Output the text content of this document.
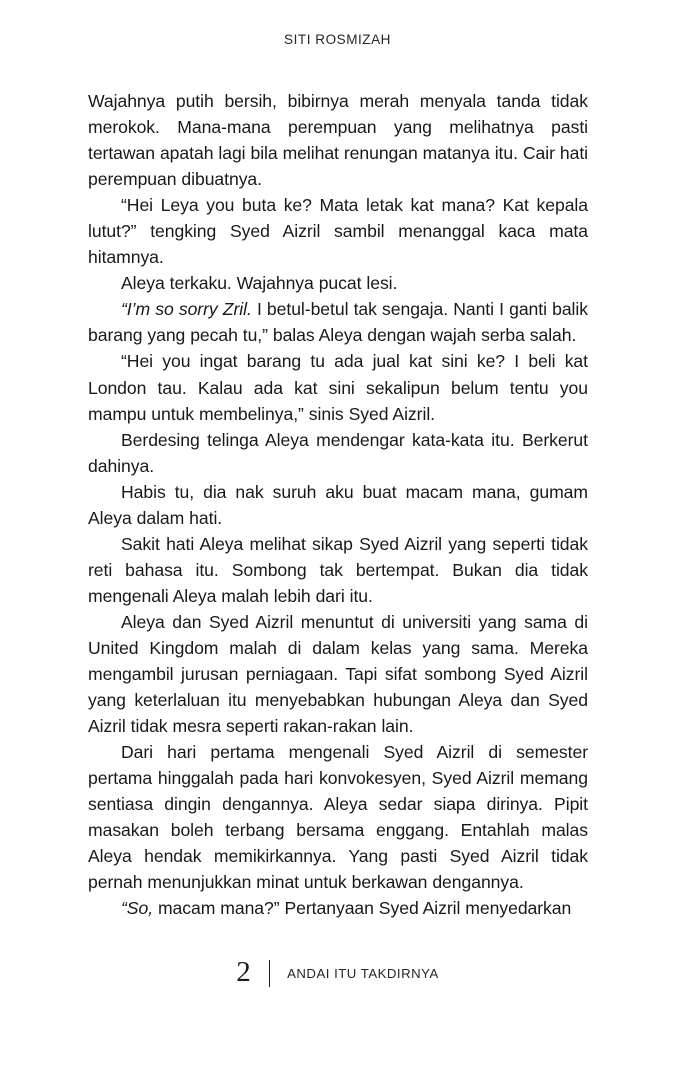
SITI ROSMIZAH

Wajahnya putih bersih, bibirnya merah menyala tanda tidak merokok. Mana-mana perempuan yang melihatnya pasti tertawan apatah lagi bila melihat renungan matanya itu. Cair hati perempuan dibuatnya.

“Hei Leya you buta ke? Mata letak kat mana? Kat kepala lutut?” tengking Syed Aizril sambil menanggal kaca mata hitamnya.

Aleya terkaku. Wajahnya pucat lesi.

“I’m so sorry Zril. I betul-betul tak sengaja. Nanti I ganti balik barang yang pecah tu,” balas Aleya dengan wajah serba salah.

“Hei you ingat barang tu ada jual kat sini ke? I beli kat London tau. Kalau ada kat sini sekalipun belum tentu you mampu untuk membelinya,” sinis Syed Aizril.

Berdesing telinga Aleya mendengar kata-kata itu. Berkerut dahinya.

Habis tu, dia nak suruh aku buat macam mana, gumam Aleya dalam hati.

Sakit hati Aleya melihat sikap Syed Aizril yang seperti tidak reti bahasa itu. Sombong tak bertempat. Bukan dia tidak mengenali Aleya malah lebih dari itu.

Aleya dan Syed Aizril menuntut di universiti yang sama di United Kingdom malah di dalam kelas yang sama. Mereka mengambil jurusan perniagaan. Tapi sifat sombong Syed Aizril yang keterlaluan itu menyebabkan hubungan Aleya dan Syed Aizril tidak mesra seperti rakan-rakan lain.

Dari hari pertama mengenali Syed Aizril di semester pertama hinggalah pada hari konvokesyen, Syed Aizril memang sentiasa dingin dengannya. Aleya sedar siapa dirinya. Pipit masakan boleh terbang bersama enggang. Entahlah malas Aleya hendak memikirkannya. Yang pasti Syed Aizril tidak pernah menunjukkan minat untuk berkawan dengannya.

“So, macam mana?” Pertanyaan Syed Aizril menyedarkan

2	ANDAI ITU TAKDIRNYA
